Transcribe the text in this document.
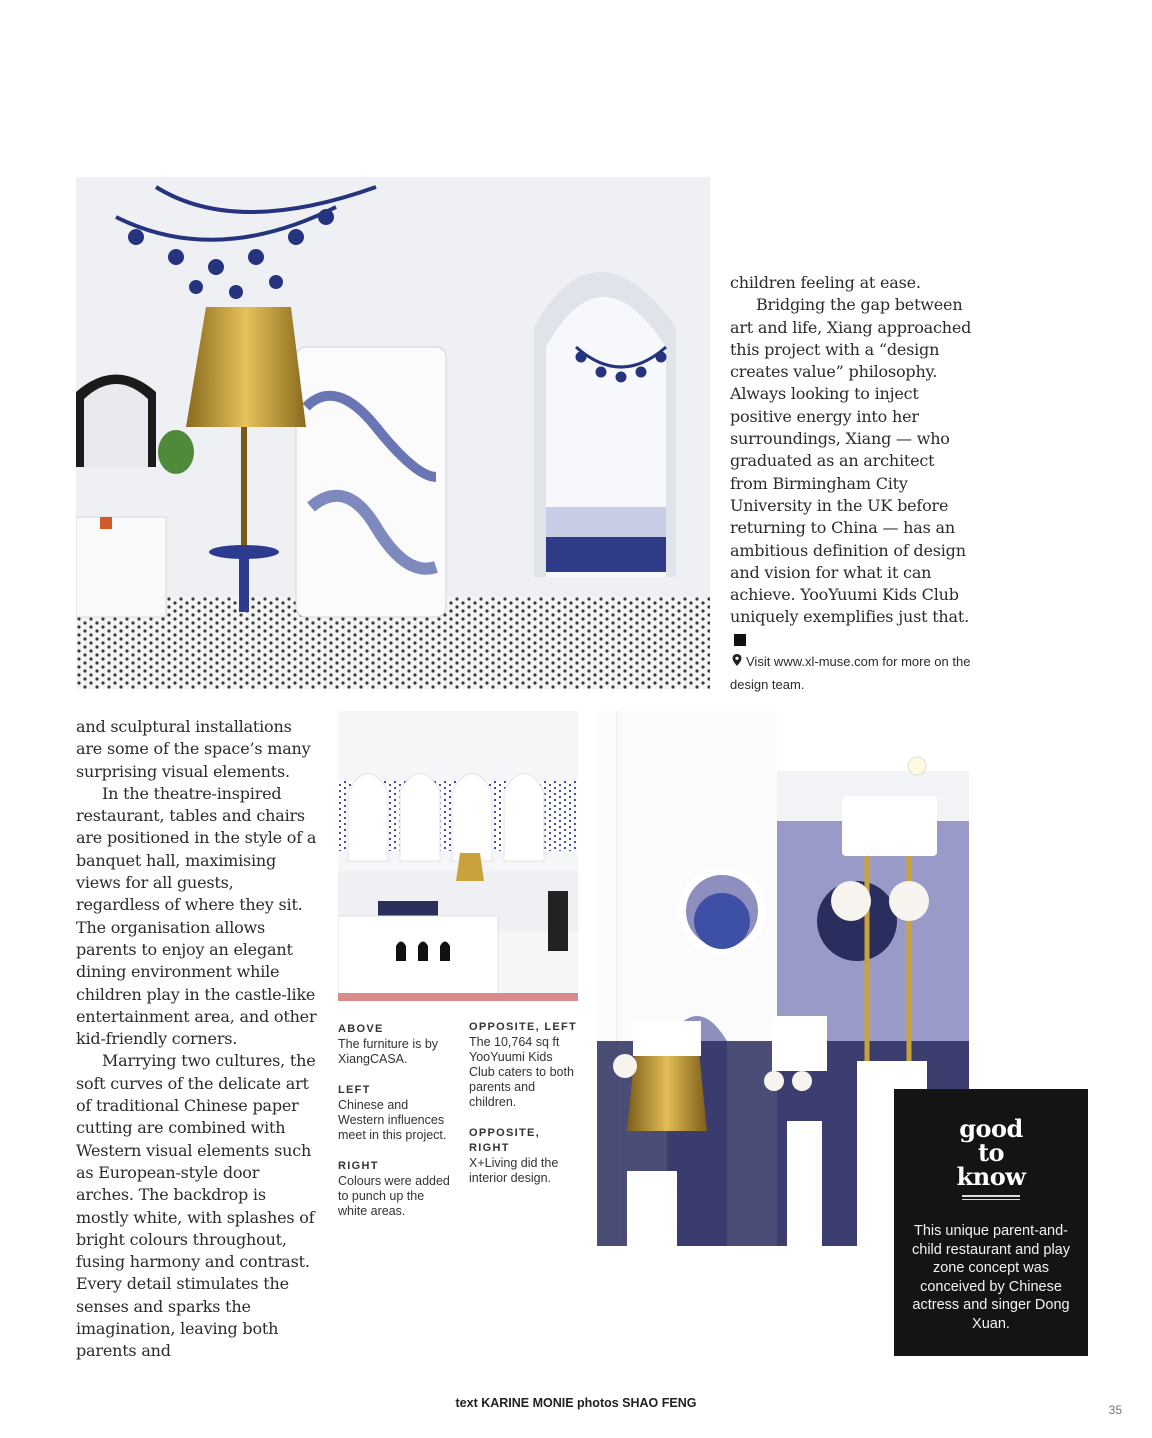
children feeling at ease.

Bridging the gap between art and life, Xiang approached this project with a “design creates value” philosophy. Always looking to inject positive energy into her surroundings, Xiang — who graduated as an architect from Birmingham City University in the UK before returning to China — has an ambitious definition of design and vision for what it can achieve. YooYuumi Kids Club uniquely exemplifies just that.

Visit www.xl-muse.com for more on the design team.

and sculptural installations are some of the space’s many surprising visual elements.

In the theatre-inspired restaurant, tables and chairs are positioned in the style of a banquet hall, maximising views for all guests, regardless of where they sit. The organisation allows parents to enjoy an elegant dining environment while children play in the castle-like entertainment area, and other kid-friendly corners.

Marrying two cultures, the soft curves of the delicate art of traditional Chinese paper cutting are combined with Western visual elements such as European-style door arches. The backdrop is mostly white, with splashes of bright colours throughout, fusing harmony and contrast. Every detail stimulates the senses and sparks the imagination, leaving both parents and

ABOVE
The furniture is by XiangCASA.
LEFT
Chinese and Western influences meet in this project.
RIGHT
Colours were added to punch up the white areas.
OPPOSITE, LEFT
The 10,764 sq ft YooYuumi Kids Club caters to both parents and children.
OPPOSITE, RIGHT
X+Living did the interior design.
good to know
This unique parent-and-child restaurant and play zone concept was conceived by Chinese actress and singer Dong Xuan.
text KARINE MONIE photos SHAO FENG	35
